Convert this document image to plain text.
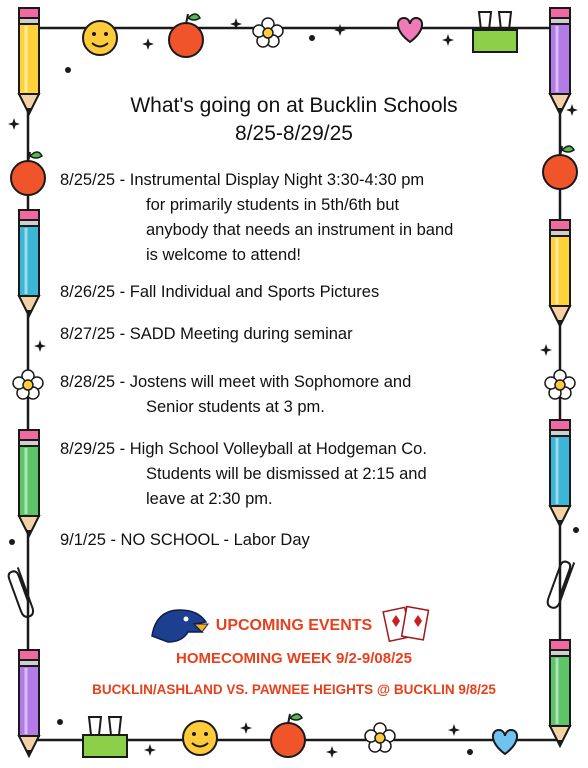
What's going on at Bucklin Schools
8/25-8/29/25
8/25/25 - Instrumental Display Night 3:30-4:30 pm
for primarily students in 5th/6th but
anybody that needs an instrument in band
is welcome to attend!
8/26/25 - Fall Individual and Sports Pictures
8/27/25 - SADD Meeting during seminar
8/28/25 - Jostens will meet with Sophomore and
Senior students at 3 pm.
8/29/25 - High School Volleyball at Hodgeman Co.
Students will be dismissed at 2:15 and
leave at 2:30 pm.
9/1/25 - NO SCHOOL - Labor Day
UPCOMING EVENTS
HOMECOMING WEEK 9/2-9/08/25
BUCKLIN/ASHLAND VS. PAWNEE HEIGHTS @ BUCKLIN 9/8/25
